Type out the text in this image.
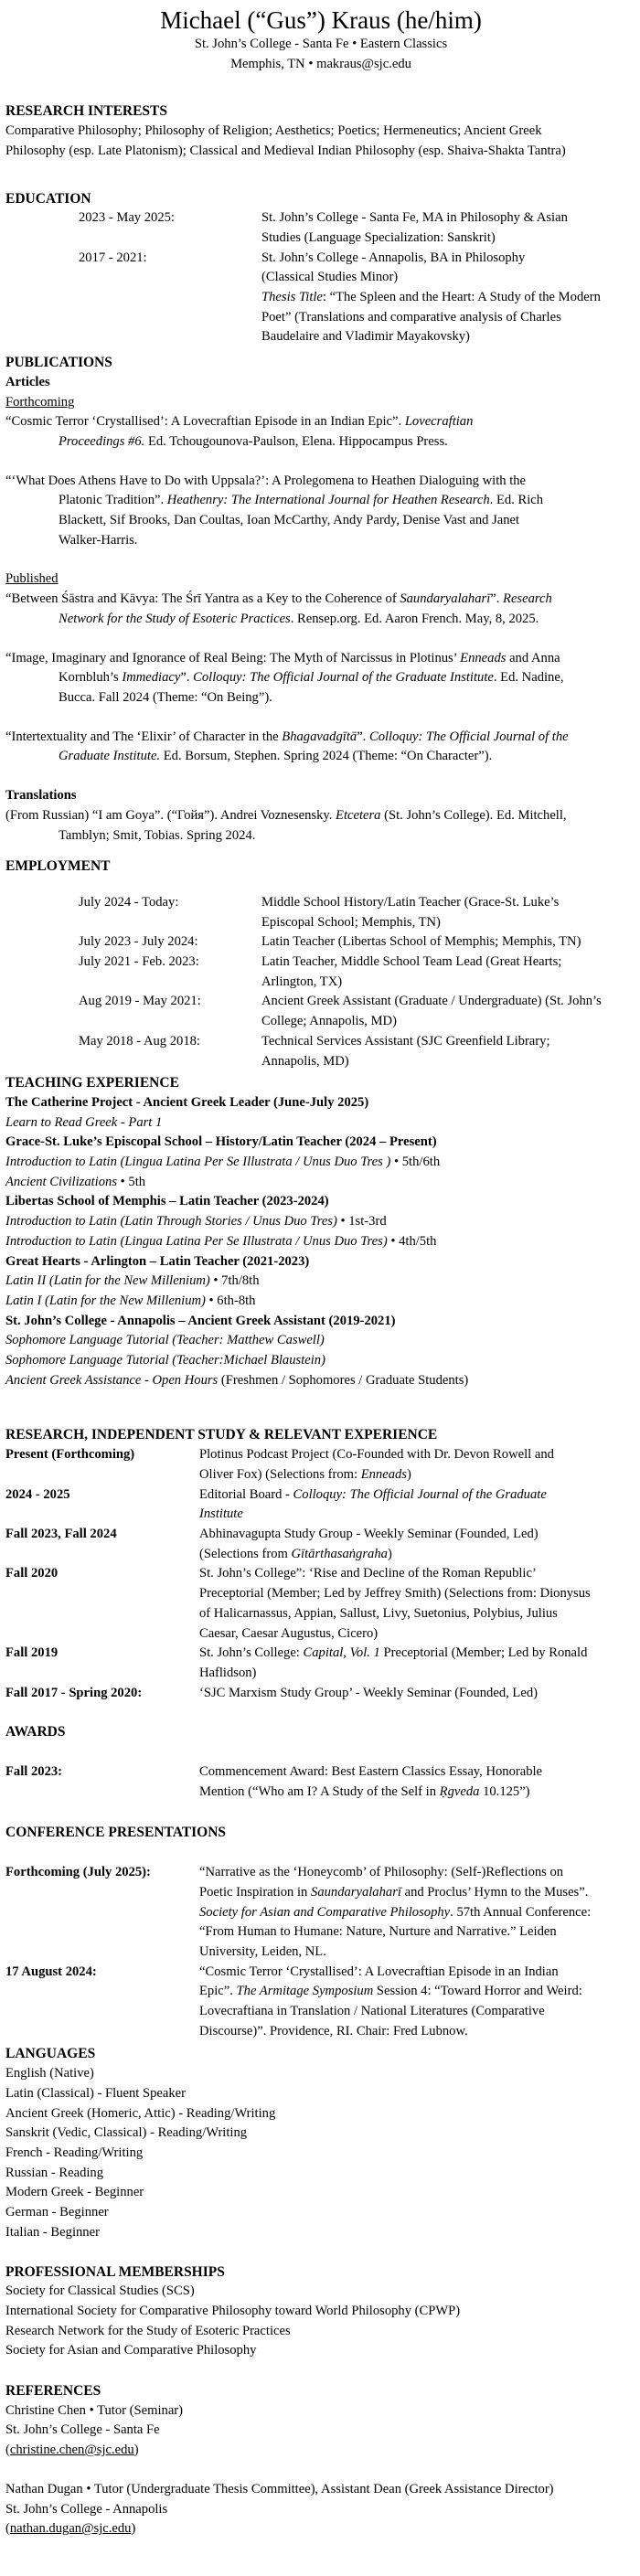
Michael (“Gus”) Kraus (he/him)
St. John’s College - Santa Fe • Eastern Classics
Memphis, TN • makraus@sjc.edu
RESEARCH INTERESTS
Comparative Philosophy; Philosophy of Religion; Aesthetics; Poetics; Hermeneutics; Ancient Greek
Philosophy (esp. Late Platonism); Classical and Medieval Indian Philosophy (esp. Shaiva-Shakta Tantra)
EDUCATION
2023 - May 2025:	St. John’s College - Santa Fe, MA in Philosophy & Asian
Studies (Language Specialization: Sanskrit)
2017 - 2021:	St. John’s College - Annapolis, BA in Philosophy
(Classical Studies Minor)
Thesis Title: “The Spleen and the Heart: A Study of the Modern
Poet” (Translations and comparative analysis of Charles
Baudelaire and Vladimir Mayakovsky)
PUBLICATIONS
Articles
Forthcoming
“Cosmic Terror ‘Crystallised’: A Lovecraftian Episode in an Indian Epic”. Lovecraftian
Proceedings #6. Ed. Tchougounova-Paulson, Elena. Hippocampus Press.
“‘What Does Athens Have to Do with Uppsala?’: A Prolegomena to Heathen Dialoguing with the
Platonic Tradition”. Heathenry: The International Journal for Heathen Research. Ed. Rich
Blackett, Sif Brooks, Dan Coultas, Ioan McCarthy, Andy Pardy, Denise Vast and Janet
Walker-Harris.
Published
“Between Śāstra and Kāvya: The Śrī Yantra as a Key to the Coherence of Saundaryalaharī”. Research
Network for the Study of Esoteric Practices. Rensep.org. Ed. Aaron French. May, 8, 2025.
“Image, Imaginary and Ignorance of Real Being: The Myth of Narcissus in Plotinus’ Enneads and Anna
Kornbluh’s Immediacy”. Colloquy: The Official Journal of the Graduate Institute. Ed. Nadine,
Bucca. Fall 2024 (Theme: “On Being”).
“Intertextuality and The ‘Elixir’ of Character in the Bhagavadgītā”. Colloquy: The Official Journal of the
Graduate Institute. Ed. Borsum, Stephen. Spring 2024 (Theme: “On Character”).
Translations
(From Russian) “I am Goya”. (“Гойя”). Andrei Voznesensky. Etcetera (St. John’s College). Ed. Mitchell,
Tamblyn; Smit, Tobias. Spring 2024.
EMPLOYMENT
July 2024 - Today:	Middle School History/Latin Teacher (Grace-St. Luke’s
Episcopal School; Memphis, TN)
July 2023 - July 2024:	Latin Teacher (Libertas School of Memphis; Memphis, TN)
July 2021 - Feb. 2023:	Latin Teacher, Middle School Team Lead (Great Hearts;
Arlington, TX)
Aug 2019 - May 2021:	Ancient Greek Assistant (Graduate / Undergraduate) (St. John’s
College; Annapolis, MD)
May 2018 - Aug 2018:	Technical Services Assistant (SJC Greenfield Library;
Annapolis, MD)
TEACHING EXPERIENCE
The Catherine Project - Ancient Greek Leader (June-July 2025)
Learn to Read Greek - Part 1
Grace-St. Luke’s Episcopal School – History/Latin Teacher (2024 – Present)
Introduction to Latin (Lingua Latina Per Se Illustrata / Unus Duo Tres ) • 5th/6th
Ancient Civilizations • 5th
Libertas School of Memphis – Latin Teacher (2023-2024)
Introduction to Latin (Latin Through Stories / Unus Duo Tres) • 1st-3rd
Introduction to Latin (Lingua Latina Per Se Illustrata / Unus Duo Tres) • 4th/5th
Great Hearts - Arlington – Latin Teacher (2021-2023)
Latin II (Latin for the New Millenium) • 7th/8th
Latin I (Latin for the New Millenium) • 6th-8th
St. John’s College - Annapolis – Ancient Greek Assistant (2019-2021)
Sophomore Language Tutorial (Teacher: Matthew Caswell)
Sophomore Language Tutorial (Teacher:Michael Blaustein)
Ancient Greek Assistance - Open Hours (Freshmen / Sophomores / Graduate Students)
RESEARCH, INDEPENDENT STUDY & RELEVANT EXPERIENCE
Present (Forthcoming)	Plotinus Podcast Project (Co-Founded with Dr. Devon Rowell and
Oliver Fox) (Selections from: Enneads)
2024 - 2025	Editorial Board - Colloquy: The Official Journal of the Graduate
Institute
Fall 2023, Fall 2024	Abhinavagupta Study Group - Weekly Seminar (Founded, Led)
(Selections from Gītārthasaṅgraha)
Fall 2020	St. John’s College”: ‘Rise and Decline of the Roman Republic’
Preceptorial (Member; Led by Jeffrey Smith) (Selections from: Dionysus
of Halicarnassus, Appian, Sallust, Livy, Suetonius, Polybius, Julius
Caesar, Caesar Augustus, Cicero)
Fall 2019	St. John’s College: Capital, Vol. 1 Preceptorial (Member; Led by Ronald
Haflidson)
Fall 2017 - Spring 2020:	‘SJC Marxism Study Group’ - Weekly Seminar (Founded, Led)
AWARDS
Fall 2023:	Commencement Award: Best Eastern Classics Essay, Honorable
Mention (“Who am I? A Study of the Self in Ṛgveda 10.125”)
CONFERENCE PRESENTATIONS
Forthcoming (July 2025):	“Narrative as the ‘Honeycomb’ of Philosophy: (Self-)Reflections on
Poetic Inspiration in Saundaryalaharī and Proclus’ Hymn to the Muses”.
Society for Asian and Comparative Philosophy. 57th Annual Conference:
“From Human to Humane: Nature, Nurture and Narrative.” Leiden
University, Leiden, NL.
17 August 2024:	“Cosmic Terror ‘Crystallised’: A Lovecraftian Episode in an Indian
Epic”. The Armitage Symposium Session 4: “Toward Horror and Weird:
Lovecraftiana in Translation / National Literatures (Comparative
Discourse)”. Providence, RI. Chair: Fred Lubnow.
LANGUAGES
English (Native)
Latin (Classical) - Fluent Speaker
Ancient Greek (Homeric, Attic) - Reading/Writing
Sanskrit (Vedic, Classical) - Reading/Writing
French - Reading/Writing
Russian - Reading
Modern Greek - Beginner
German - Beginner
Italian - Beginner
PROFESSIONAL MEMBERSHIPS
Society for Classical Studies (SCS)
International Society for Comparative Philosophy toward World Philosophy (CPWP)
Research Network for the Study of Esoteric Practices
Society for Asian and Comparative Philosophy
REFERENCES
Christine Chen • Tutor (Seminar)
St. John’s College - Santa Fe
(christine.chen@sjc.edu)
Nathan Dugan • Tutor (Undergraduate Thesis Committee), Assistant Dean (Greek Assistance Director)
St. John’s College - Annapolis
(nathan.dugan@sjc.edu)
